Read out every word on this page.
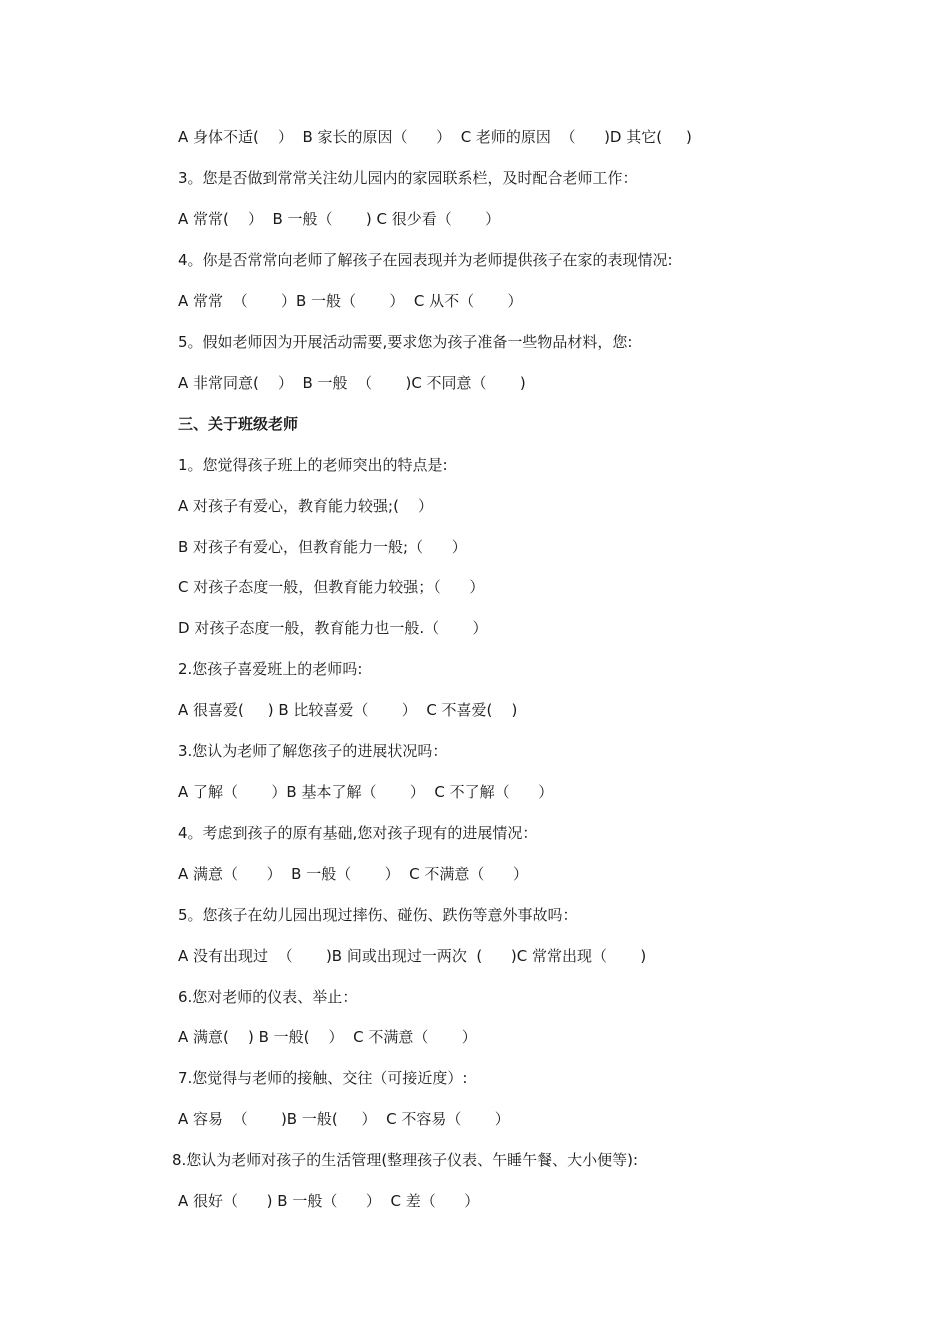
A 身体不适(    ）  B 家长的原因（      ）  C 老师的原因  （      )D 其它(     )
3。您是否做到常常关注幼儿园内的家园联系栏，及时配合老师工作：
A 常常(    ）  B 一般（       ) C 很少看（       ）
4。你是否常常向老师了解孩子在园表现并为老师提供孩子在家的表现情况:
A 常常  （       ）B 一般（       ）  C 从不（       ）
5。假如老师因为开展活动需要,要求您为孩子准备一些物品材料，您:
A 非常同意(    ）  B 一般  （       )C 不同意（       )
三、关于班级老师
1。您觉得孩子班上的老师突出的特点是:
A 对孩子有爱心，教育能力较强;(    ）
B 对孩子有爱心，但教育能力一般;（      ）
C 对孩子态度一般，但教育能力较强；（      ）
D 对孩子态度一般，教育能力也一般.（       ）
2.您孩子喜爱班上的老师吗:
A 很喜爱(     ) B 比较喜爱（       ）  C 不喜爱(    )
3.您认为老师了解您孩子的进展状况吗：
A 了解（       ）B 基本了解（       ）  C 不了解（      ）
4。考虑到孩子的原有基础,您对孩子现有的进展情况：
A 满意（      ）  B 一般（       ）  C 不满意（      ）
5。您孩子在幼儿园出现过摔伤、碰伤、跌伤等意外事故吗：
A 没有出现过  （       )B 间或出现过一两次  (      )C 常常出现（       )
6.您对老师的仪表、举止：
A 满意(    ) B 一般(    ）  C 不满意（       ）
7.您觉得与老师的接触、交往（可接近度）:
A 容易  （       )B 一般(     ）  C 不容易（       ）
8.您认为老师对孩子的生活管理(整理孩子仪表、午睡午餐、大小便等):
A 很好（      ) B 一般（      ）  C 差（      ）
